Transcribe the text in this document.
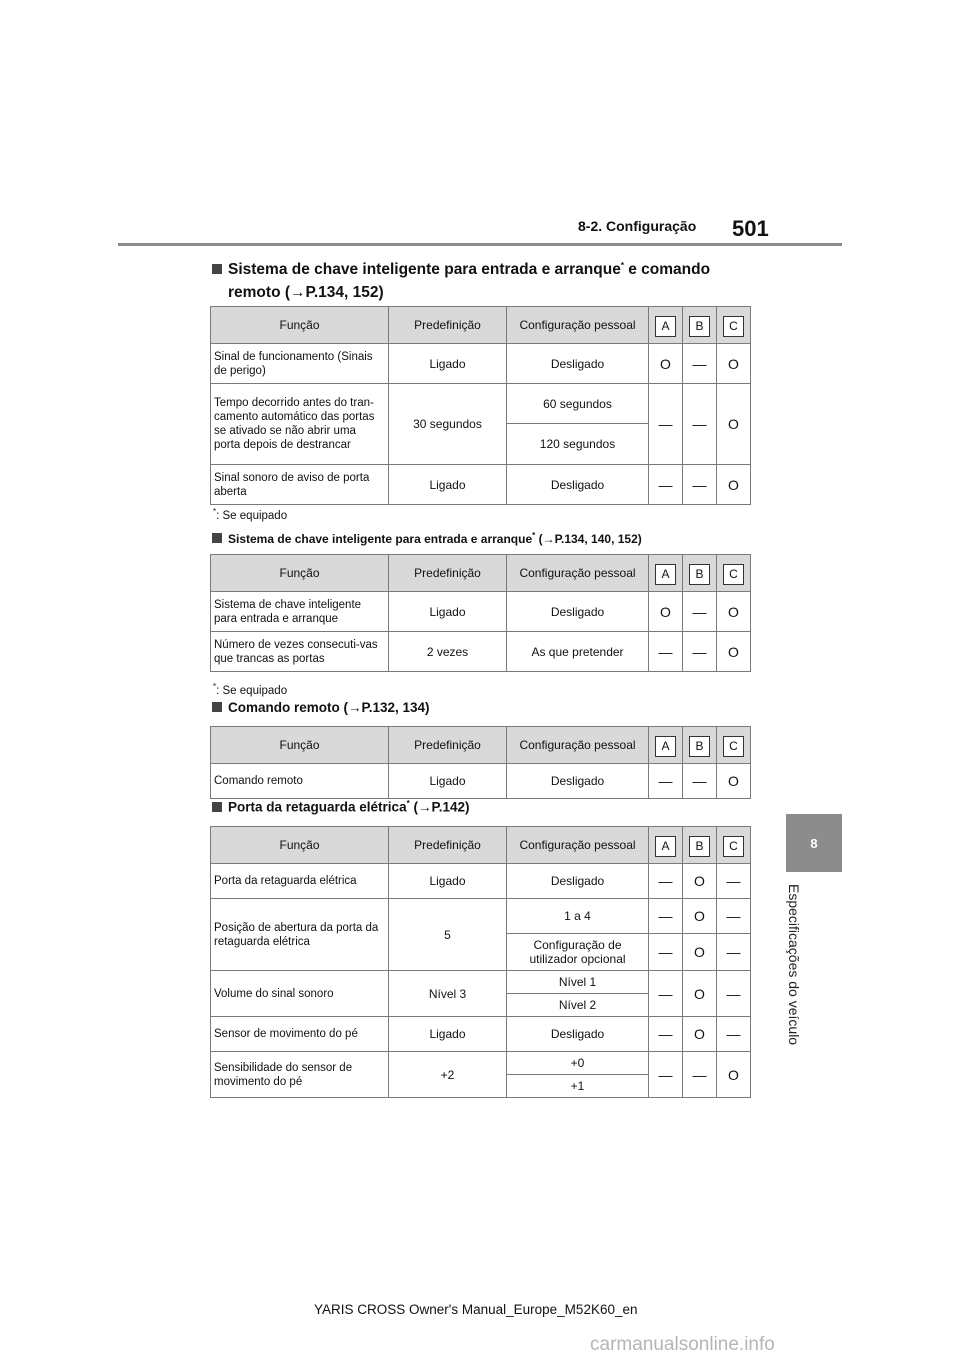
8-2. Configuração 501
8
Especificações do veículo
Sistema de chave inteligente para entrada e arranque* e comando
remoto (→P.134, 152)
Função	Predefinição	Configuração pessoal	A	B	C
Sinal de funcionamento (Sinais de perigo)	Ligado	Desligado	O	—	O
Tempo decorrido antes do tran-camento automático das portas se ativado se não abrir uma porta depois de destrancar	30 segundos	60 segundos	—	—	O
		120 segundos			
Sinal sonoro de aviso de porta aberta	Ligado	Desligado	—	—	O
*: Se equipado
Sistema de chave inteligente para entrada e arranque* (→P.134, 140, 152)
Função	Predefinição	Configuração pessoal	A	B	C
Sistema de chave inteligente para entrada e arranque	Ligado	Desligado	O	—	O
Número de vezes consecuti-vas que trancas as portas	2 vezes	As que pretender	—	—	O
*: Se equipado
Comando remoto (→P.132, 134)
Função	Predefinição	Configuração pessoal	A	B	C
Comando remoto	Ligado	Desligado	—	—	O
Porta da retaguarda elétrica* (→P.142)
Função	Predefinição	Configuração pessoal	A	B	C
Porta da retaguarda elétrica	Ligado	Desligado	—	O	—
Posição de abertura da porta da retaguarda elétrica	5	1 a 4	—	O	—
		Configuração de utilizador opcional	—	O	—
Volume do sinal sonoro	Nível 3	Nível 1	—	O	—
		Nível 2			
Sensor de movimento do pé	Ligado	Desligado	—	O	—
Sensibilidade do sensor de movimento do pé	+2	+0	—	—	O
		+1			
YARIS CROSS Owner's Manual_Europe_M52K60_en
carmanualsonline.info
